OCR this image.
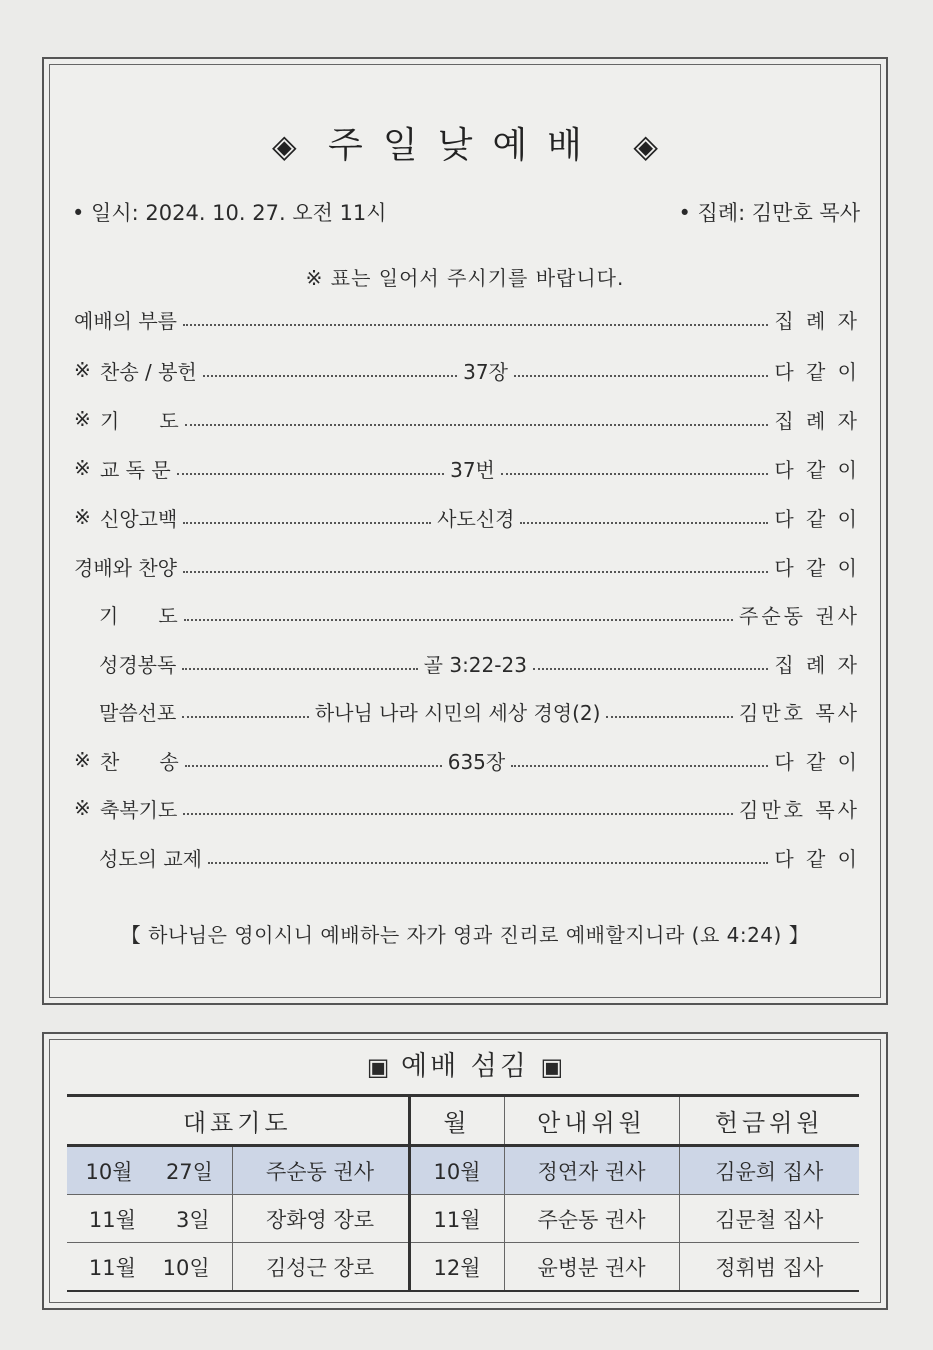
◈ 주일낮예배 ◈
• 일시: 2024. 10. 27. 오전 11시	• 집례: 김만호 목사
※ 표는 일어서 주시기를 바랍니다.
예배의 부름	집 례 자
※ 찬송 / 봉헌	37장	다 같 이
※ 기　　도	집 례 자
※ 교 독 문	37번	다 같 이
※ 신앙고백	사도신경	다 같 이
경배와 찬양	다 같 이
기　　도	주순동 권사
성경봉독	골 3:22-23	집 례 자
말씀선포	하나님 나라 시민의 세상 경영(2)	김만호 목사
※ 찬　　송	635장	다 같 이
※ 축복기도	김만호 목사
성도의 교제	다 같 이
【 하나님은 영이시니 예배하는 자가 영과 진리로 예배할지니라 (요 4:24) 】
▣ 예배 섬김 ▣
대표기도		월	안내위원	헌금위원
10월 27일	주순동 권사	10월	정연자 권사	김윤희 집사
11월 3일	장화영 장로	11월	주순동 권사	김문철 집사
11월 10일	김성근 장로	12월	윤병분 권사	정휘범 집사
